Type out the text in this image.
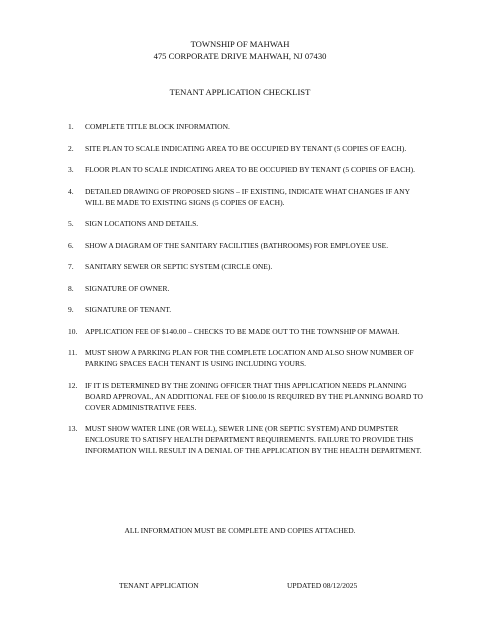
TOWNSHIP OF MAHWAH
475 CORPORATE DRIVE MAHWAH, NJ 07430
TENANT APPLICATION CHECKLIST
1. COMPLETE TITLE BLOCK INFORMATION.
2. SITE PLAN TO SCALE INDICATING AREA TO BE OCCUPIED BY TENANT (5 COPIES OF EACH).
3. FLOOR PLAN TO SCALE INDICATING AREA TO BE OCCUPIED BY TENANT (5 COPIES OF EACH).
4. DETAILED DRAWING OF PROPOSED SIGNS – IF EXISTING, INDICATE WHAT CHANGES IF ANY WILL BE MADE TO EXISTING SIGNS (5 COPIES OF EACH).
5. SIGN LOCATIONS AND DETAILS.
6. SHOW A DIAGRAM OF THE SANITARY FACILITIES (BATHROOMS) FOR EMPLOYEE USE.
7. SANITARY SEWER OR SEPTIC SYSTEM (CIRCLE ONE).
8. SIGNATURE OF OWNER.
9. SIGNATURE OF TENANT.
10. APPLICATION FEE OF $140.00 – CHECKS TO BE MADE OUT TO THE TOWNSHIP OF MAWAH.
11. MUST SHOW A PARKING PLAN FOR THE COMPLETE LOCATION AND ALSO SHOW NUMBER OF PARKING SPACES EACH TENANT IS USING INCLUDING YOURS.
12. IF IT IS DETERMINED BY THE ZONING OFFICER THAT THIS APPLICATION NEEDS PLANNING BOARD APPROVAL, AN ADDITIONAL FEE OF $100.00 IS REQUIRED BY THE PLANNING BOARD TO COVER ADMINISTRATIVE FEES.
13. MUST SHOW WATER LINE (OR WELL), SEWER LINE (OR SEPTIC SYSTEM) AND DUMPSTER ENCLOSURE TO SATISFY HEALTH DEPARTMENT REQUIREMENTS. FAILURE TO PROVIDE THIS INFORMATION WILL RESULT IN A DENIAL OF THE APPLICATION BY THE HEALTH DEPARTMENT.
ALL INFORMATION MUST BE COMPLETE AND COPIES ATTACHED.
TENANT APPLICATION	UPDATED 08/12/2025
